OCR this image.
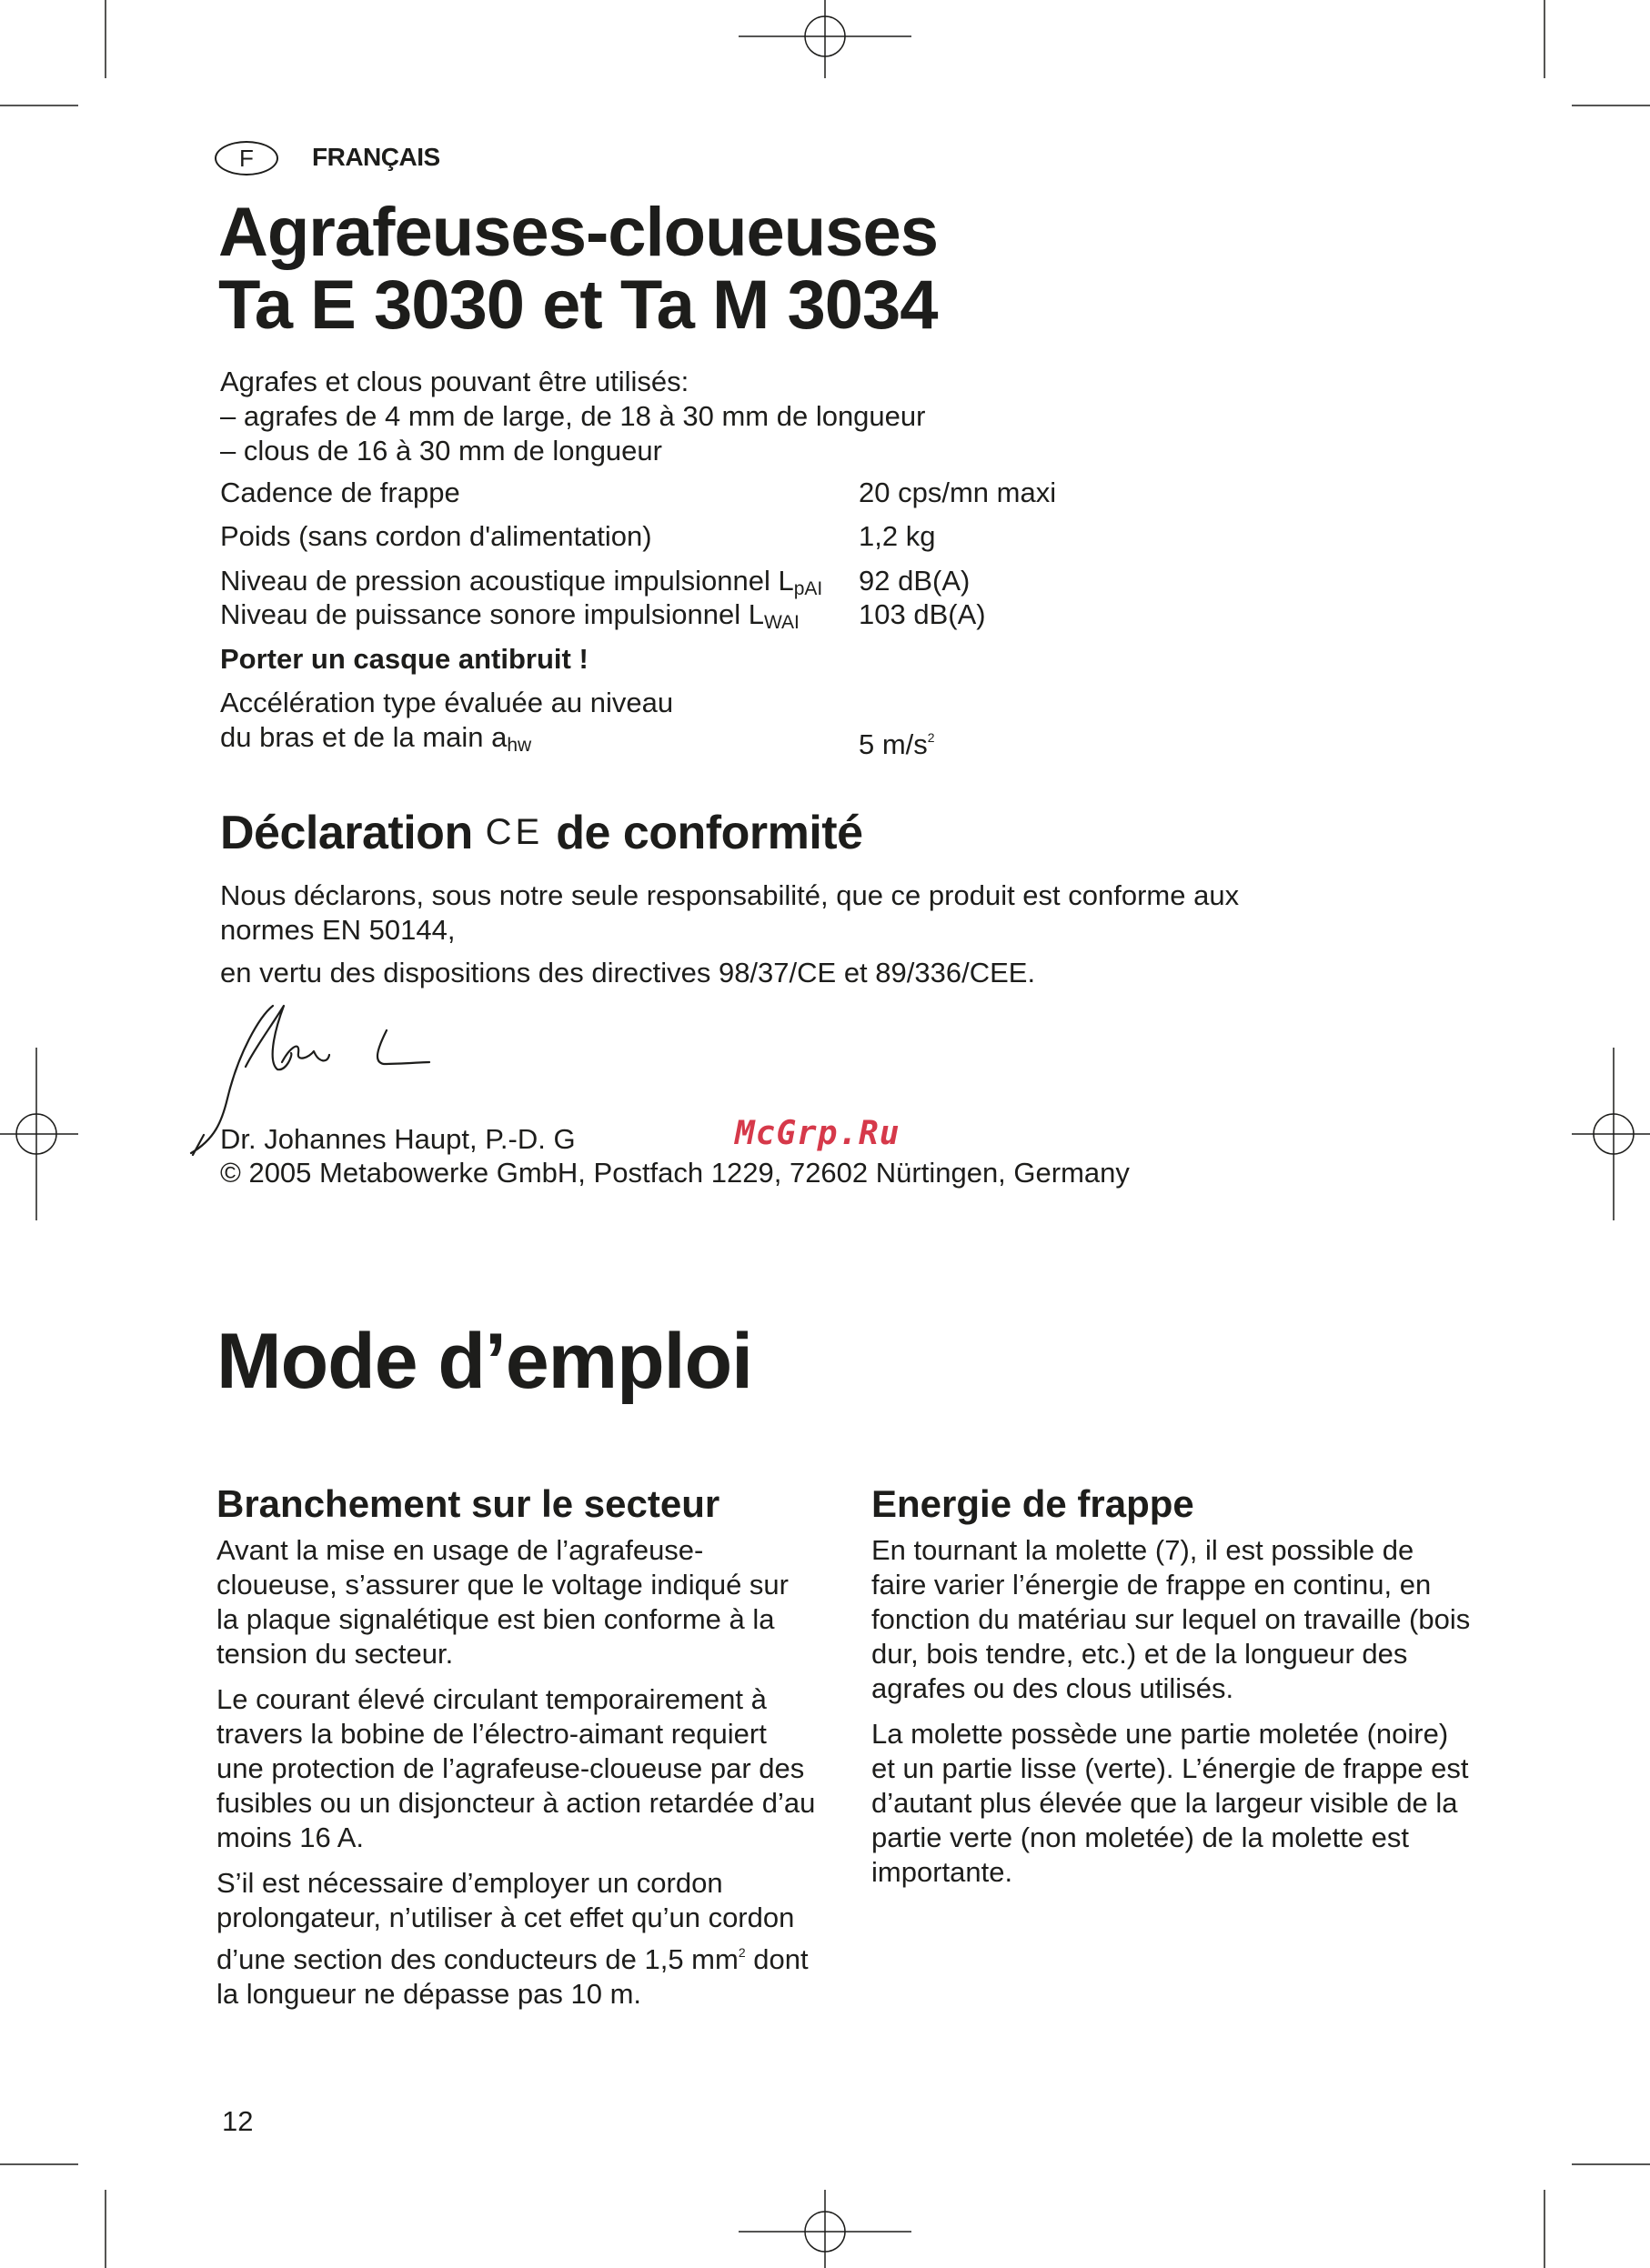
F	FRANÇAIS
Agrafeuses-cloueuses
Ta E 3030 et Ta M 3034
Agrafes et clous pouvant être utilisés:
– agrafes de 4 mm de large, de 18 à 30 mm de longueur
– clous de 16 à 30 mm de longueur
Cadence de frappe	20 cps/mn maxi
Poids (sans cordon d'alimentation)	1,2 kg
Niveau de pression acoustique impulsionnel $L_{pAI}$ 92 dB(A)
Niveau de puissance sonore impulsionnel $L_{WAI}$ 103 dB(A)
Porter un casque antibruit !
Accélération type évaluée au niveau
du bras et de la main $a_{hw}$	5 $m/s^2$
Déclaration CE de conformité
Nous déclarons, sous notre seule responsabilité, que ce produit est conforme aux normes EN 50144,
en vertu des dispositions des directives 98/37/CE et 89/336/CEE.
Dr. Johannes Haupt, P.-D. G
© 2005 Metabowerke GmbH, Postfach 1229, 72602 Nürtingen, Germany
McGrp.Ru
Mode d’emploi
Branchement sur le secteur

Avant la mise en usage de l’agrafeuse-cloueuse, s’assurer que le voltage indiqué sur la plaque signalétique est bien conforme à la tension du secteur.

Le courant élevé circulant temporairement à travers la bobine de l’électro-aimant requiert une protection de l’agrafeuse-cloueuse par des fusibles ou un disjoncteur à action retardée d’au moins 16 A.

S’il est nécessaire d’employer un cordon prolongateur, n’utiliser à cet effet qu’un cordon d’une section des conducteurs de 1,5 $mm^2$ dont la longueur ne dépasse pas 10 m.

Energie de frappe

En tournant la molette (7), il est possible de faire varier l’énergie de frappe en continu, en fonction du matériau sur lequel on travaille (bois dur, bois tendre, etc.) et de la longueur des agrafes ou des clous utilisés.

La molette possède une partie moletée (noire) et un partie lisse (verte). L’énergie de frappe est d’autant plus élevée que la largeur visible de la partie verte (non moletée) de la molette est importante.

12
